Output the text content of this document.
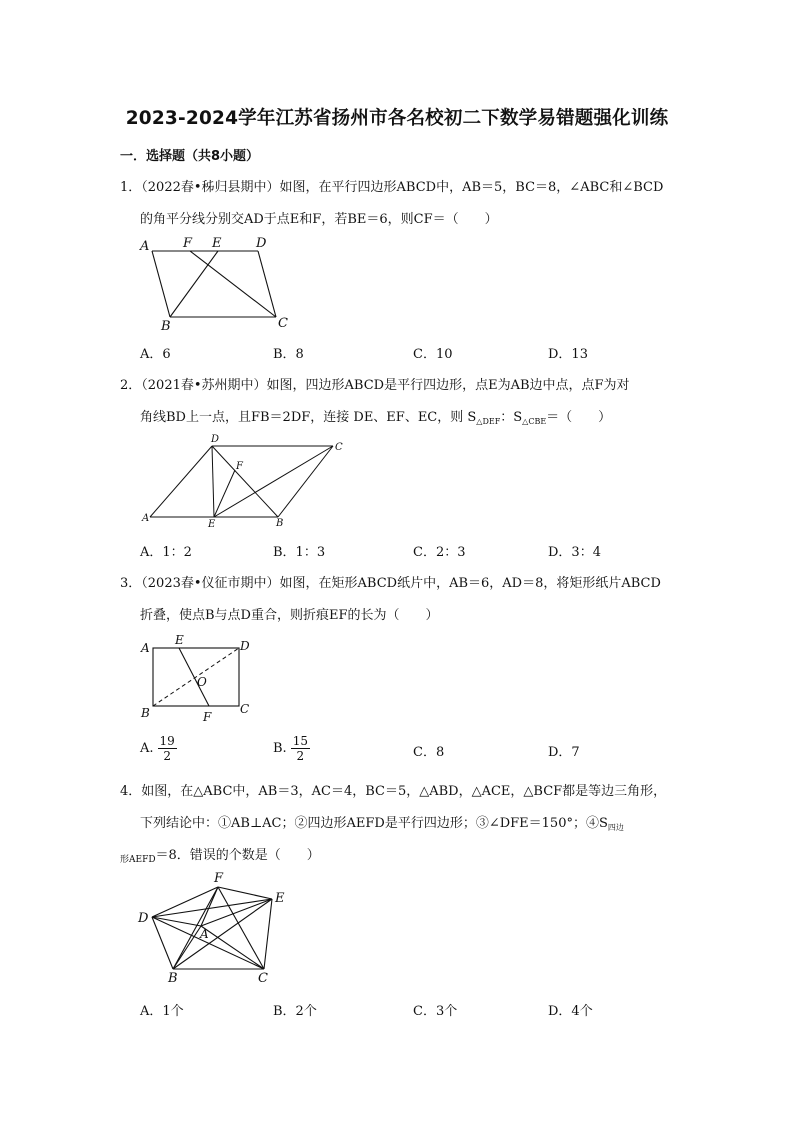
2023-2024学年江苏省扬州市各名校初二下数学易错题强化训练
一．选择题（共8小题）
1．（2022春•秭归县期中）如图，在平行四边形ABCD中，AB＝5，BC＝8，∠ABC和∠BCD
的角平分线分别交AD于点E和F，若BE＝6，则CF＝（　　）
A	F E	D
B	C
A．6	B．8	C．10	D．13
2．（2021春•苏州期中）如图，四边形ABCD是平行四边形，点E为AB边中点，点F为对
角线BD上一点，且FB＝2DF，连接 DE、EF、EC，则 $S_{\triangle DEF}$：$S_{\triangle CBE}=$（　　）
D
C
F
A
E	B
A．1：2	B．1：3	C．2：3	D．3：4
3．（2023春•仪征市期中）如图，在矩形ABCD纸片中，AB＝6，AD＝8，将矩形纸片ABCD
折叠，使点B与点D重合，则折痕EF的长为（　　）
A
E	D
O
B	F
C
A. $\frac{19}{2}$	B. $\frac{15}{2}$	C．8	D．7
4．如图，在△ABC中，AB＝3，AC＝4，BC＝5，△ABD，△ACE，△BCF都是等边三角形，
下列结论中：①AB⊥AC；②四边形AEFD是平行四边形；③∠DFE＝150°；$④S_{四边}$
$_{形AEFD}$＝8．错误的个数是（　　）
F
E
D
A
B	C
A．1个	B．2个	C．3个	D．4个
